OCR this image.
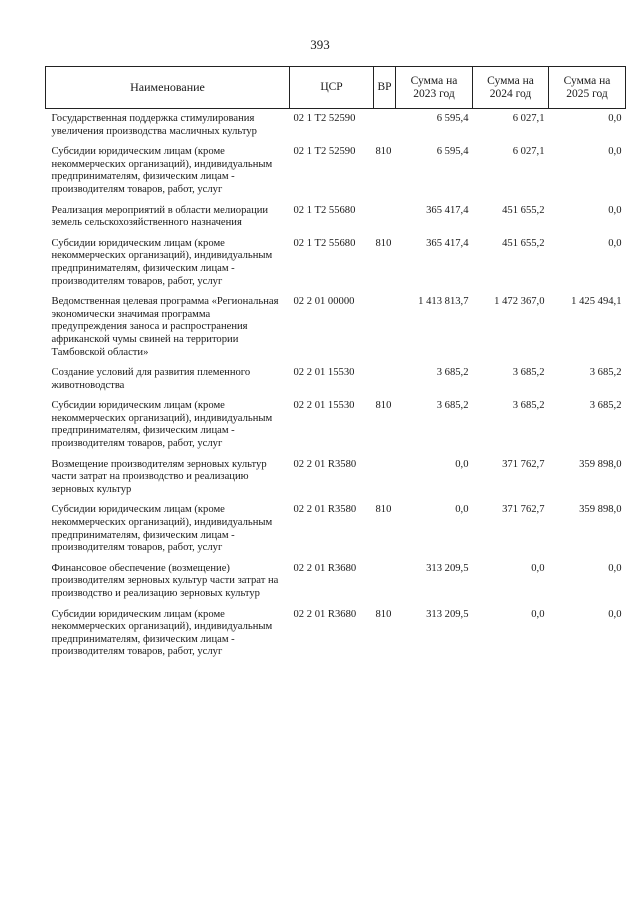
393
Наименование	ЦСР	ВР	Сумма на 2023 год	Сумма на 2024 год	Сумма на 2025 год
Государственная поддержка стимулирования увеличения производства масличных культур	02 1 T2 52590		6 595,4	6 027,1	0,0
Субсидии юридическим лицам (кроме некоммерческих организаций), индивидуальным предпринимателям, физическим лицам - производителям товаров, работ, услуг	02 1 T2 52590	810	6 595,4	6 027,1	0,0
Реализация мероприятий в области мелиорации земель сельскохозяйственного назначения	02 1 T2 55680		365 417,4	451 655,2	0,0
Субсидии юридическим лицам (кроме некоммерческих организаций), индивидуальным предпринимателям, физическим лицам - производителям товаров, работ, услуг	02 1 T2 55680	810	365 417,4	451 655,2	0,0
Ведомственная целевая программа «Региональная экономически значимая программа предупреждения заноса и распространения африканской чумы свиней на территории Тамбовской области»	02 2 01 00000		1 413 813,7	1 472 367,0	1 425 494,1
Создание условий для развития племенного животноводства	02 2 01 15530		3 685,2	3 685,2	3 685,2
Субсидии юридическим лицам (кроме некоммерческих организаций), индивидуальным предпринимателям, физическим лицам - производителям товаров, работ, услуг	02 2 01 15530	810	3 685,2	3 685,2	3 685,2
Возмещение производителям зерновых культур части затрат на производство и реализацию зерновых культур	02 2 01 R3580		0,0	371 762,7	359 898,0
Субсидии юридическим лицам (кроме некоммерческих организаций), индивидуальным предпринимателям, физическим лицам - производителям товаров, работ, услуг	02 2 01 R3580	810	0,0	371 762,7	359 898,0
Финансовое обеспечение (возмещение) производителям зерновых культур части затрат на производство и реализацию зерновых культур	02 2 01 R3680		313 209,5	0,0	0,0
Субсидии юридическим лицам (кроме некоммерческих организаций), индивидуальным предпринимателям, физическим лицам - производителям товаров, работ, услуг	02 2 01 R3680	810	313 209,5	0,0	0,0
